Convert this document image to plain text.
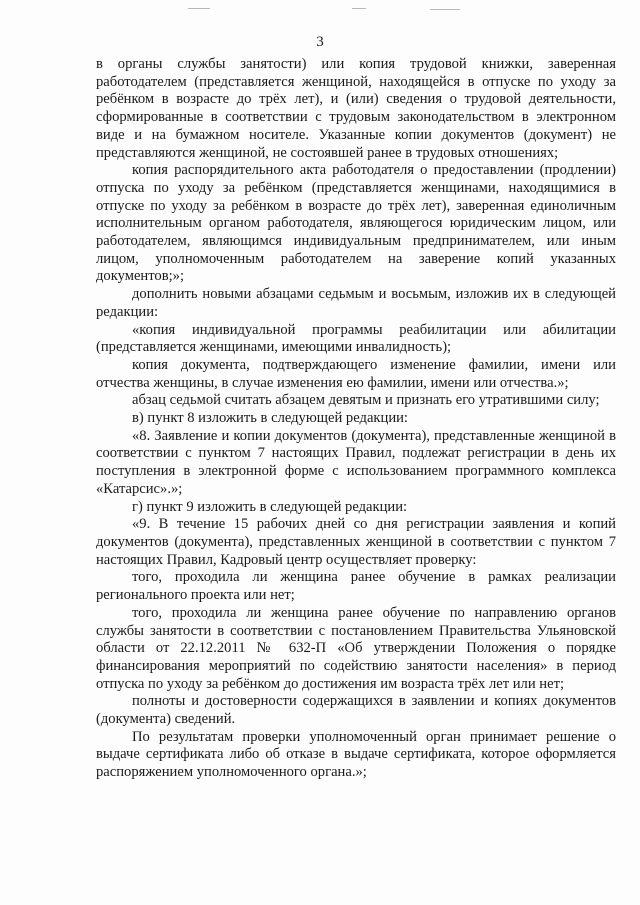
3

в органы службы занятости) или копия трудовой книжки, заверенная работодателем (представляется женщиной, находящейся в отпуске по уходу за ребёнком в возрасте до трёх лет), и (или) сведения о трудовой деятельности, сформированные в соответствии с трудовым законодательством в электронном виде и на бумажном носителе. Указанные копии документов (документ) не представляются женщиной, не состоявшей ранее в трудовых отношениях;

копия распорядительного акта работодателя о предоставлении (продлении) отпуска по уходу за ребёнком (представляется женщинами, находящимися в отпуске по уходу за ребёнком в возрасте до трёх лет), заверенная единоличным исполнительным органом работодателя, являющегося юридическим лицом, или работодателем, являющимся индивидуальным предпринимателем, или иным лицом, уполномоченным работодателем на заверение копий указанных документов;»;

дополнить новыми абзацами седьмым и восьмым, изложив их в следующей редакции:

«копия индивидуальной программы реабилитации или абилитации (представляется женщинами, имеющими инвалидность);

копия документа, подтверждающего изменение фамилии, имени или отчества женщины, в случае изменения ею фамилии, имени или отчества.»;

абзац седьмой считать абзацем девятым и признать его утратившими силу;

в) пункт 8 изложить в следующей редакции:

«8. Заявление и копии документов (документа), представленные женщиной в соответствии с пунктом 7 настоящих Правил, подлежат регистрации в день их поступления в электронной форме с использованием программного комплекса «Катарсис».»;

г) пункт 9 изложить в следующей редакции:

«9. В течение 15 рабочих дней со дня регистрации заявления и копий документов (документа), представленных женщиной в соответствии с пунктом 7 настоящих Правил, Кадровый центр осуществляет проверку:

того, проходила ли женщина ранее обучение в рамках реализации регионального проекта или нет;

того, проходила ли женщина ранее обучение по направлению органов службы занятости в соответствии с постановлением Правительства Ульяновской области от 22.12.2011 № 632-П «Об утверждении Положения о порядке финансирования мероприятий по содействию занятости населения» в период отпуска по уходу за ребёнком до достижения им возраста трёх лет или нет;

полноты и достоверности содержащихся в заявлении и копиях документов (документа) сведений.

По результатам проверки уполномоченный орган принимает решение о выдаче сертификата либо об отказе в выдаче сертификата, которое оформляется распоряжением уполномоченного органа.»;
